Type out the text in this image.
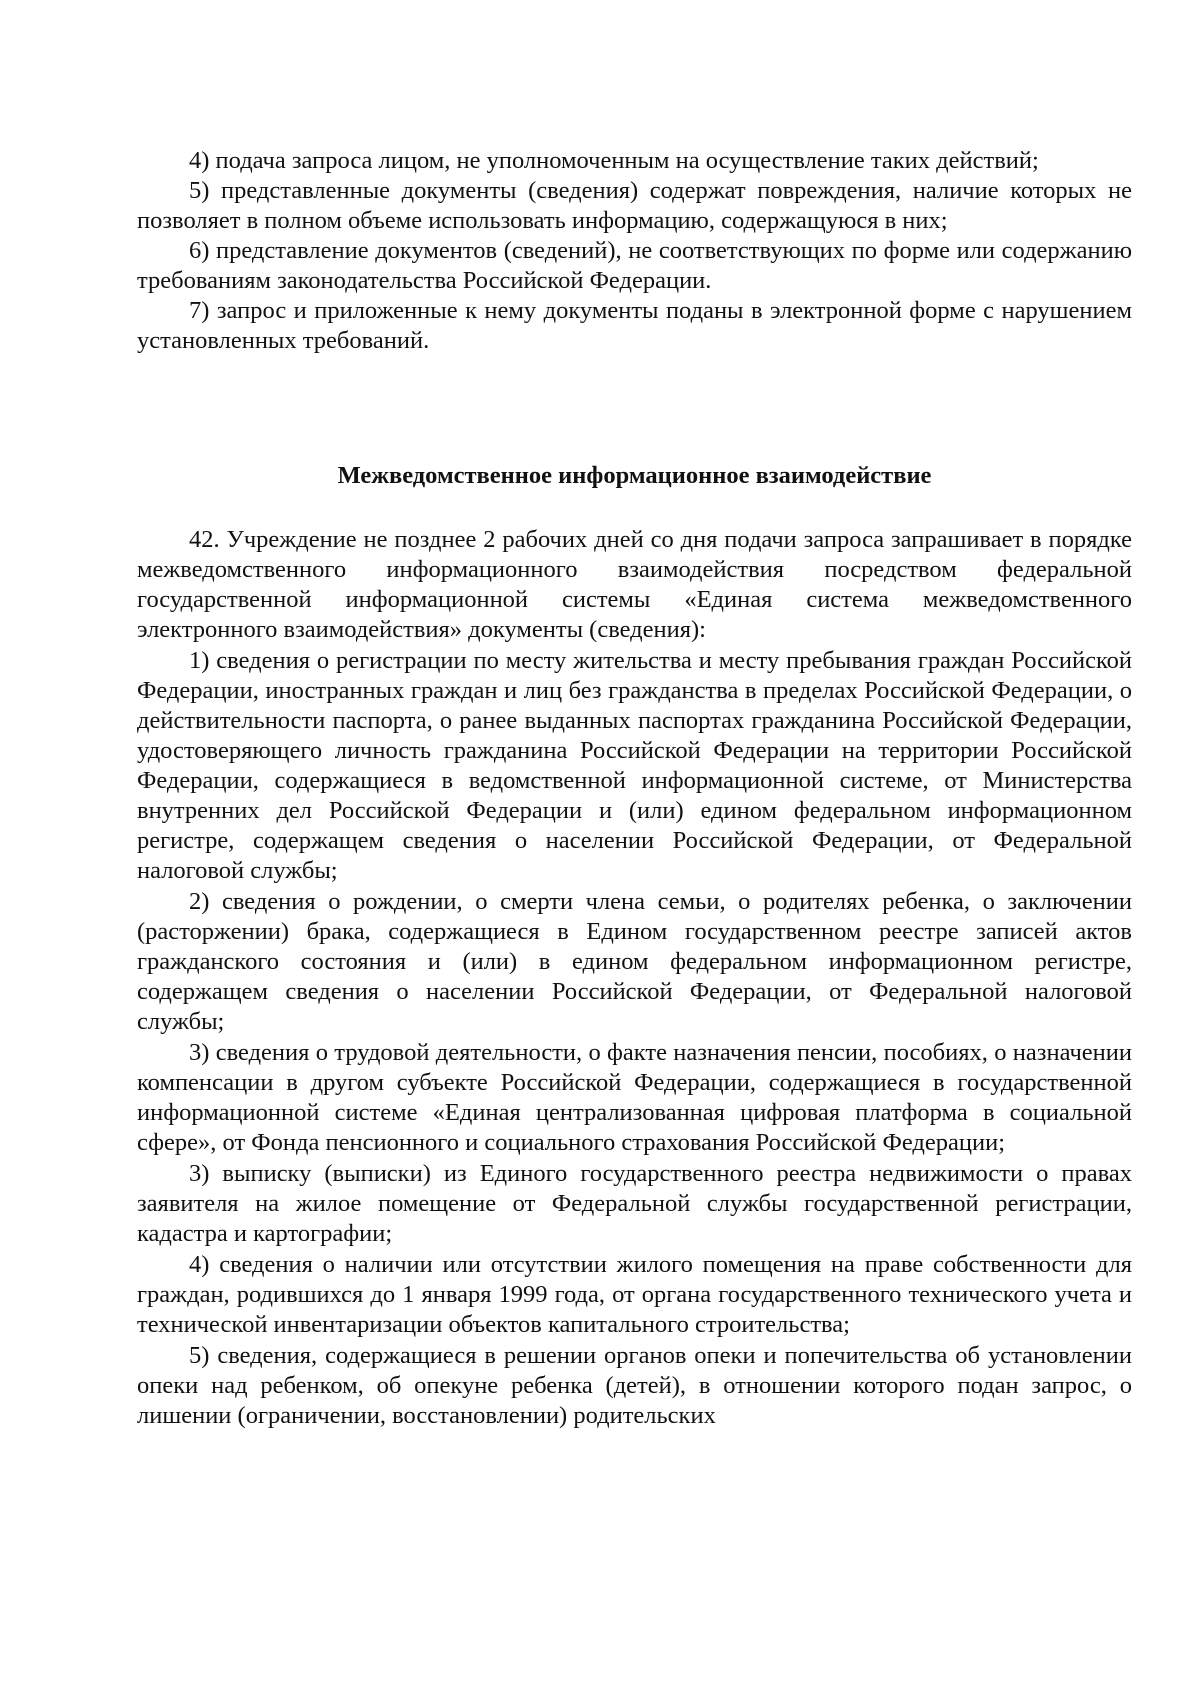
4) подача запроса лицом, не уполномоченным на осуществление таких действий;

5) представленные документы (сведения) содержат повреждения, наличие которых не позволяет в полном объеме использовать информацию, содержащуюся в них;

6) представление документов (сведений), не соответствующих по форме или содержанию требованиям законодательства Российской Федерации.

7) запрос и приложенные к нему документы поданы в электронной форме с нарушением установленных требований.

Межведомственное информационное взаимодействие

42. Учреждение не позднее 2 рабочих дней со дня подачи запроса запрашивает в порядке межведомственного информационного взаимодействия посредством федеральной государственной информационной системы «Единая система межведомственного электронного взаимодействия» документы (сведения):

1) сведения о регистрации по месту жительства и месту пребывания граждан Российской Федерации, иностранных граждан и лиц без гражданства в пределах Российской Федерации, о действительности паспорта, о ранее выданных паспортах гражданина Российской Федерации, удостоверяющего личность гражданина Российской Федерации на территории Российской Федерации, содержащиеся в ведомственной информационной системе, от Министерства внутренних дел Российской Федерации и (или) едином федеральном информационном регистре, содержащем сведения о населении Российской Федерации, от Федеральной налоговой службы;

2) сведения о рождении, о смерти члена семьи, о родителях ребенка, о заключении (расторжении) брака, содержащиеся в Едином государственном реестре записей актов гражданского состояния и (или) в едином федеральном информационном регистре, содержащем сведения о населении Российской Федерации, от Федеральной налоговой службы;

3) сведения о трудовой деятельности, о факте назначения пенсии, пособиях, о назначении компенсации в другом субъекте Российской Федерации, содержащиеся в государственной информационной системе «Единая централизованная цифровая платформа в социальной сфере», от Фонда пенсионного и социального страхования Российской Федерации;

3) выписку (выписки) из Единого государственного реестра недвижимости о правах заявителя на жилое помещение от Федеральной службы государственной регистрации, кадастра и картографии;

4) сведения о наличии или отсутствии жилого помещения на праве собственности для граждан, родившихся до 1 января 1999 года, от органа государственного технического учета и технической инвентаризации объектов капитального строительства;

5) сведения, содержащиеся в решении органов опеки и попечительства об установлении опеки над ребенком, об опекуне ребенка (детей), в отношении которого подан запрос, о лишении (ограничении, восстановлении) родительских
